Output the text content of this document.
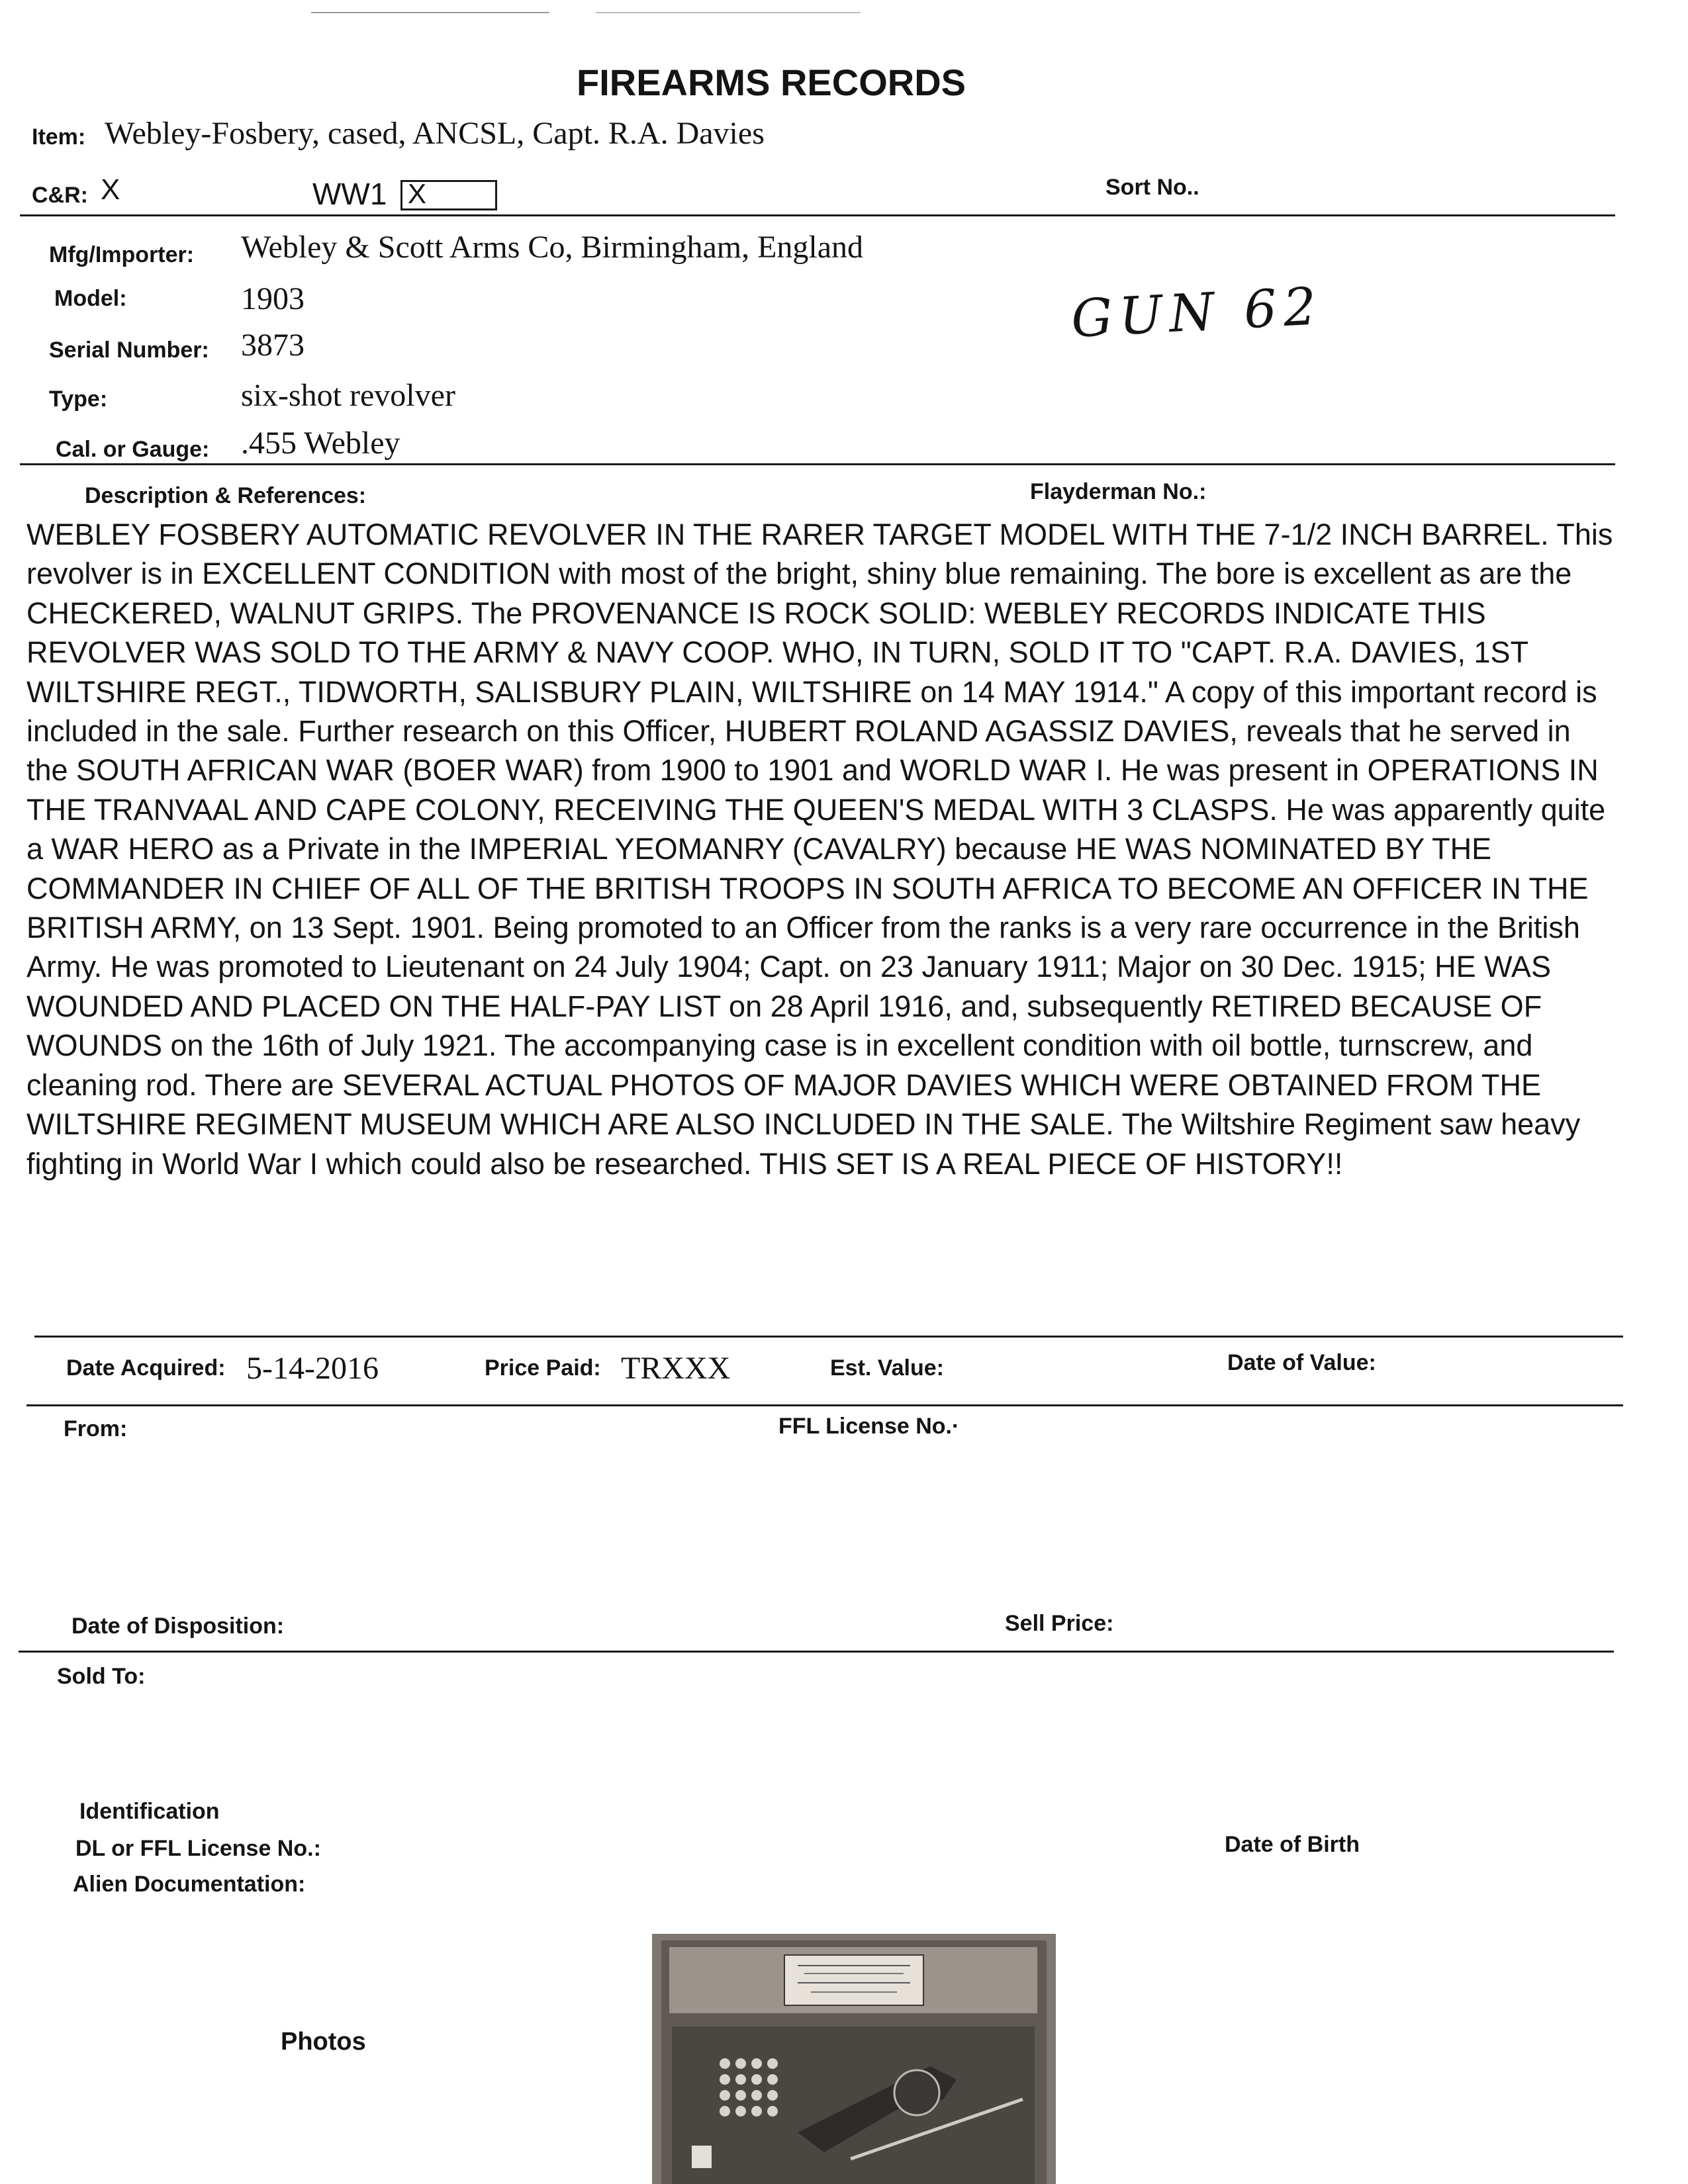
FIREARMS RECORDS
Item: Webley-Fosbery, cased, ANCSL, Capt. R.A. Davies
C&R: X	WW1 X	Sort No..
Mfg/Importer: Webley & Scott Arms Co, Birmingham, England
Model:	1903
Serial Number: 3873
Type:	six-shot revolver
Cal. or Gauge: .455 Webley
GUN 62
Description & References:	Flayderman No.:
WEBLEY FOSBERY AUTOMATIC REVOLVER IN THE RARER TARGET MODEL WITH THE 7-1/2 INCH BARREL. This revolver is in EXCELLENT CONDITION with most of the bright, shiny blue remaining. The bore is excellent as are the CHECKERED, WALNUT GRIPS. The PROVENANCE IS ROCK SOLID: WEBLEY RECORDS INDICATE THIS REVOLVER WAS SOLD TO THE ARMY & NAVY COOP. WHO, IN TURN, SOLD IT TO "CAPT. R.A. DAVIES, 1ST WILTSHIRE REGT., TIDWORTH, SALISBURY PLAIN, WILTSHIRE on 14 MAY 1914." A copy of this important record is included in the sale. Further research on this Officer, HUBERT ROLAND AGASSIZ DAVIES, reveals that he served in the SOUTH AFRICAN WAR (BOER WAR) from 1900 to 1901 and WORLD WAR I. He was present in OPERATIONS IN THE TRANVAAL AND CAPE COLONY, RECEIVING THE QUEEN'S MEDAL WITH 3 CLASPS. He was apparently quite a WAR HERO as a Private in the IMPERIAL YEOMANRY (CAVALRY) because HE WAS NOMINATED BY THE COMMANDER IN CHIEF OF ALL OF THE BRITISH TROOPS IN SOUTH AFRICA TO BECOME AN OFFICER IN THE BRITISH ARMY, on 13 Sept. 1901. Being promoted to an Officer from the ranks is a very rare occurrence in the British Army. He was promoted to Lieutenant on 24 July 1904; Capt. on 23 January 1911; Major on 30 Dec. 1915; HE WAS WOUNDED AND PLACED ON THE HALF-PAY LIST on 28 April 1916, and, subsequently RETIRED BECAUSE OF WOUNDS on the 16th of July 1921. The accompanying case is in excellent condition with oil bottle, turnscrew, and cleaning rod. There are SEVERAL ACTUAL PHOTOS OF MAJOR DAVIES WHICH WERE OBTAINED FROM THE WILTSHIRE REGIMENT MUSEUM WHICH ARE ALSO INCLUDED IN THE SALE. The Wiltshire Regiment saw heavy fighting in World War I which could also be researched. THIS SET IS A REAL PIECE OF HISTORY!!
Date Acquired: 5-14-2016	Price Paid: TRXXX	Est. Value:	Date of Value:
From:	FFL License No.·
Date of Disposition:	Sell Price:
Sold To:
Identification
DL or FFL License No.:
Alien Documentation:
Date of Birth
Photos
